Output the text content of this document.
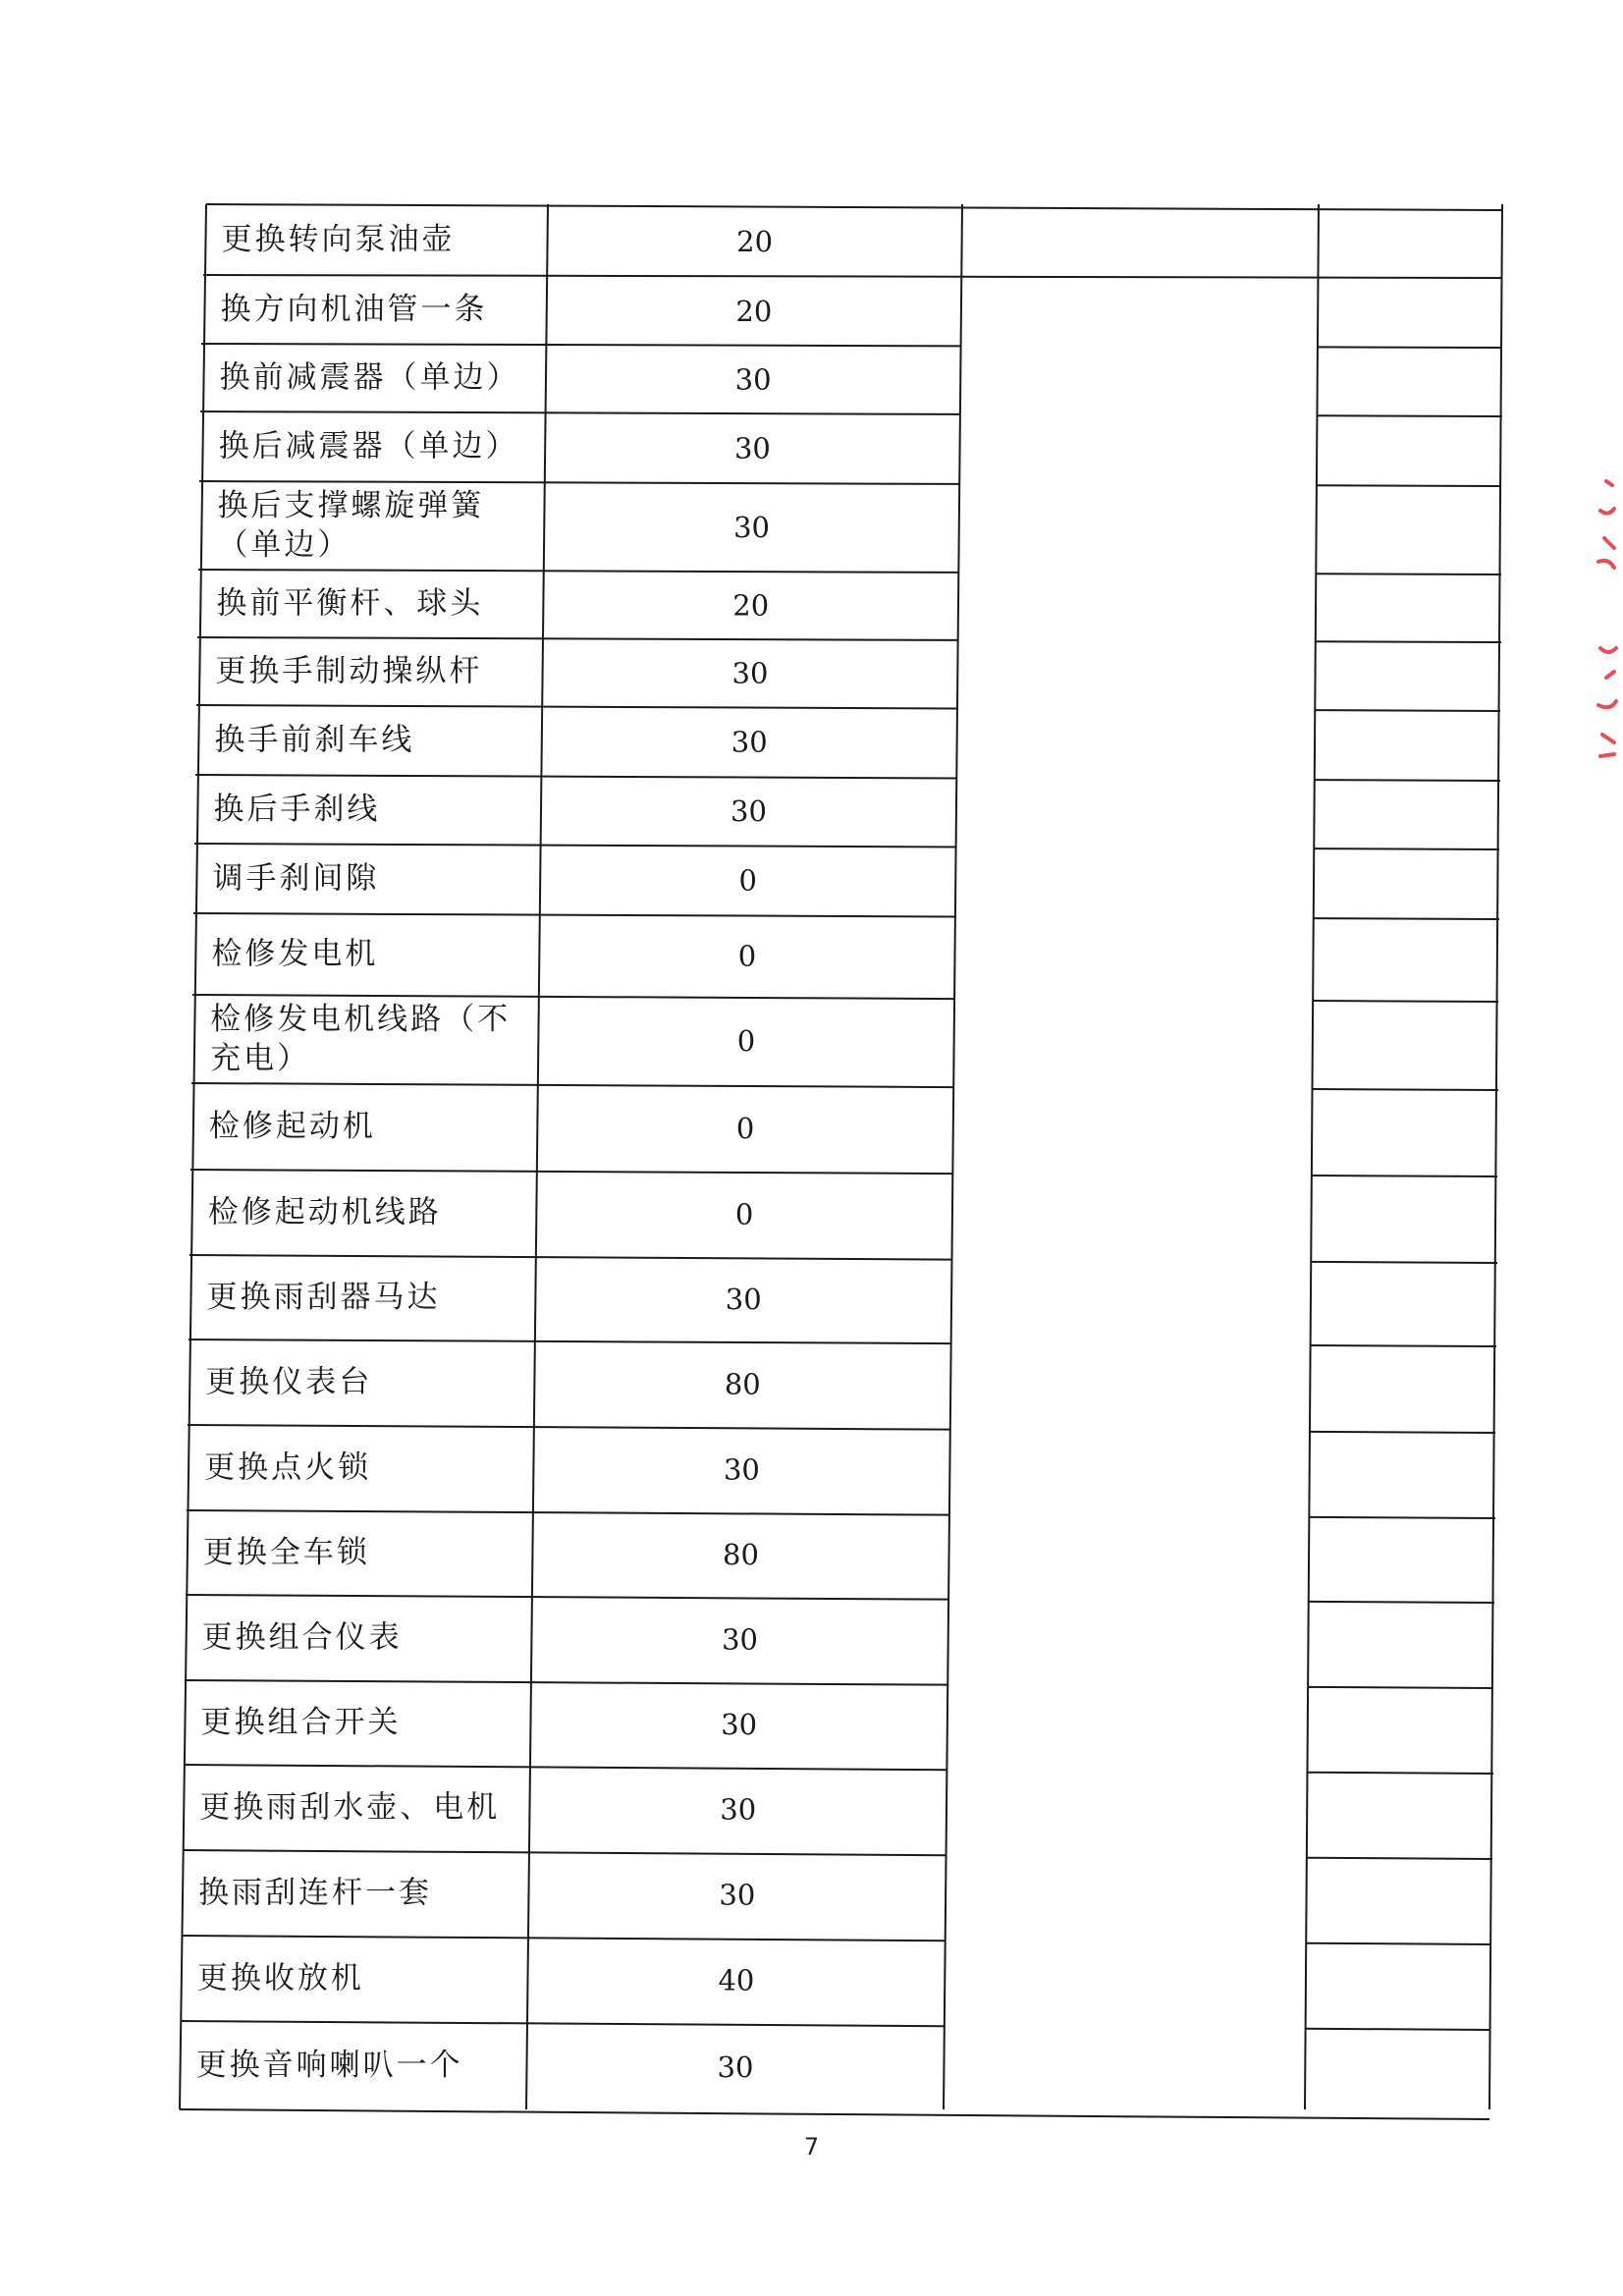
更换转向泵油壶	20
换方向机油管一条	20
换前减震器（单边）	30
换后减震器（单边）	30
换后支撑螺旋弹簧（单边）	30
换前平衡杆、球头	20
更换手制动操纵杆	30
换手前刹车线	30
换后手刹线	30
调手刹间隙	0
检修发电机	0
检修发电机线路（不充电）	0
检修起动机	0
检修起动机线路	0
更换雨刮器马达	30
更换仪表台	80
更换点火锁	30
更换全车锁	80
更换组合仪表	30
更换组合开关	30
更换雨刮水壶、电机	30
换雨刮连杆一套	30
更换收放机	40
更换音响喇叭一个	30
7
